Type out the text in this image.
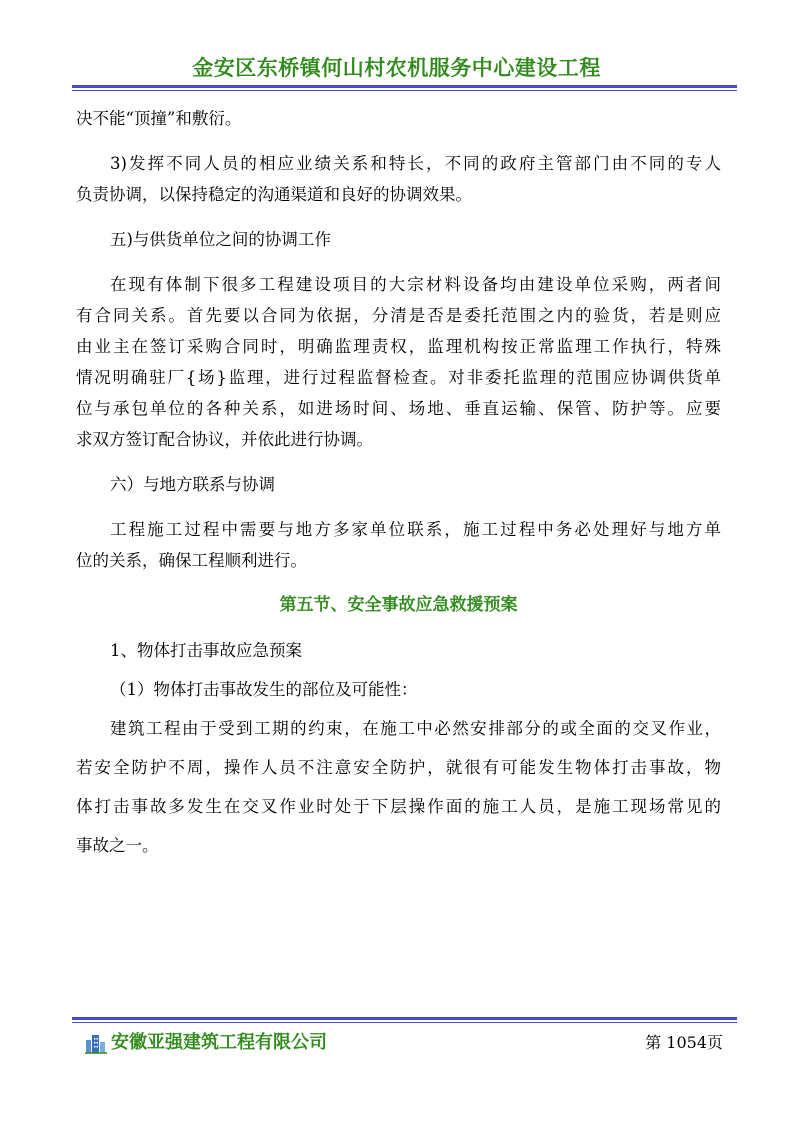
金安区东桥镇何山村农机服务中心建设工程
决不能“顶撞”和敷衍。
3)发挥不同人员的相应业绩关系和特长，不同的政府主管部门由不同的专人
负责协调，以保持稳定的沟通渠道和良好的协调效果。
五)与供货单位之间的协调工作
在现有体制下很多工程建设项目的大宗材料设备均由建设单位采购，两者间
有合同关系。首先要以合同为依据，分清是否是委托范围之内的验货，若是则应
由业主在签订采购合同时，明确监理责权，监理机构按正常监理工作执行，特殊
情况明确驻厂{场}监理，进行过程监督检查。对非委托监理的范围应协调供货单
位与承包单位的各种关系，如进场时间、场地、垂直运输、保管、防护等。应要
求双方签订配合协议，并依此进行协调。
六）与地方联系与协调
工程施工过程中需要与地方多家单位联系，施工过程中务必处理好与地方单
位的关系，确保工程顺利进行。
第五节、安全事故应急救援预案
1、物体打击事故应急预案
（1）物体打击事故发生的部位及可能性：
建筑工程由于受到工期的约束，在施工中必然安排部分的或全面的交叉作业，
若安全防护不周，操作人员不注意安全防护，就很有可能发生物体打击事故，物
体打击事故多发生在交叉作业时处于下层操作面的施工人员，是施工现场常见的
事故之一。
安徽亚强建筑工程有限公司	第 1054页
